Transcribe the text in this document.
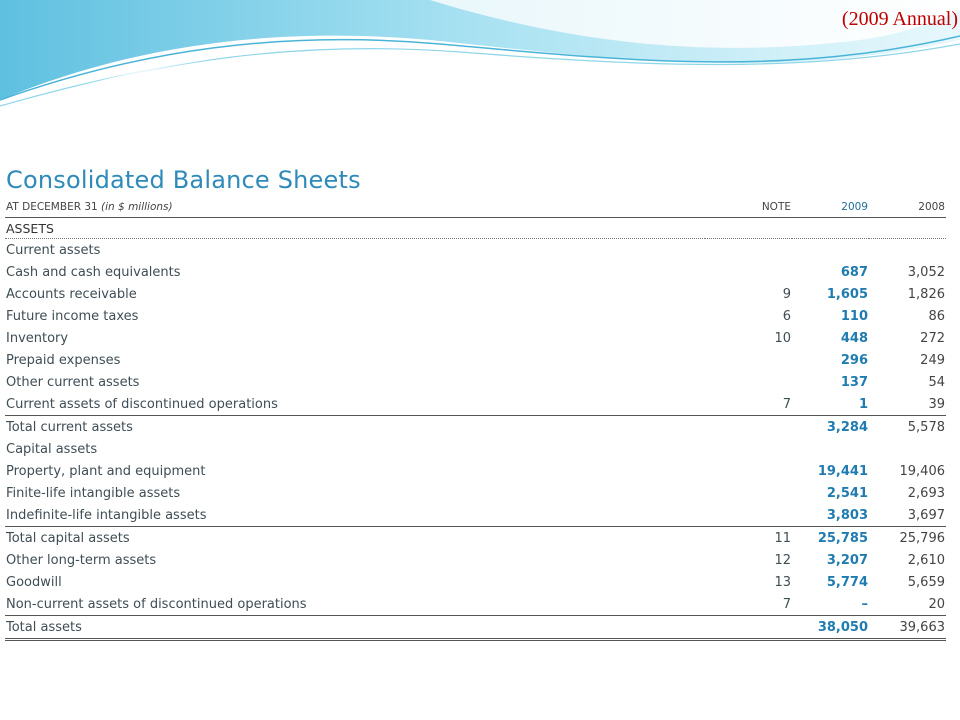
(2009 Annual)
Consolidated Balance Sheets
AT DECEMBER 31 (in $ millions)	NOTE	2009	2008
ASSETS			
Current assets			
Cash and cash equivalents		687	3,052
Accounts receivable	9	1,605	1,826
Future income taxes	6	110	86
Inventory	10	448	272
Prepaid expenses		296	249
Other current assets		137	54
Current assets of discontinued operations	7	1	39
Total current assets		3,284	5,578
Capital assets			
Property, plant and equipment		19,441	19,406
Finite-life intangible assets		2,541	2,693
Indefinite-life intangible assets		3,803	3,697
Total capital assets	11	25,785	25,796
Other long-term assets	12	3,207	2,610
Goodwill	13	5,774	5,659
Non-current assets of discontinued operations	7	–	20
Total assets		38,050	39,663
